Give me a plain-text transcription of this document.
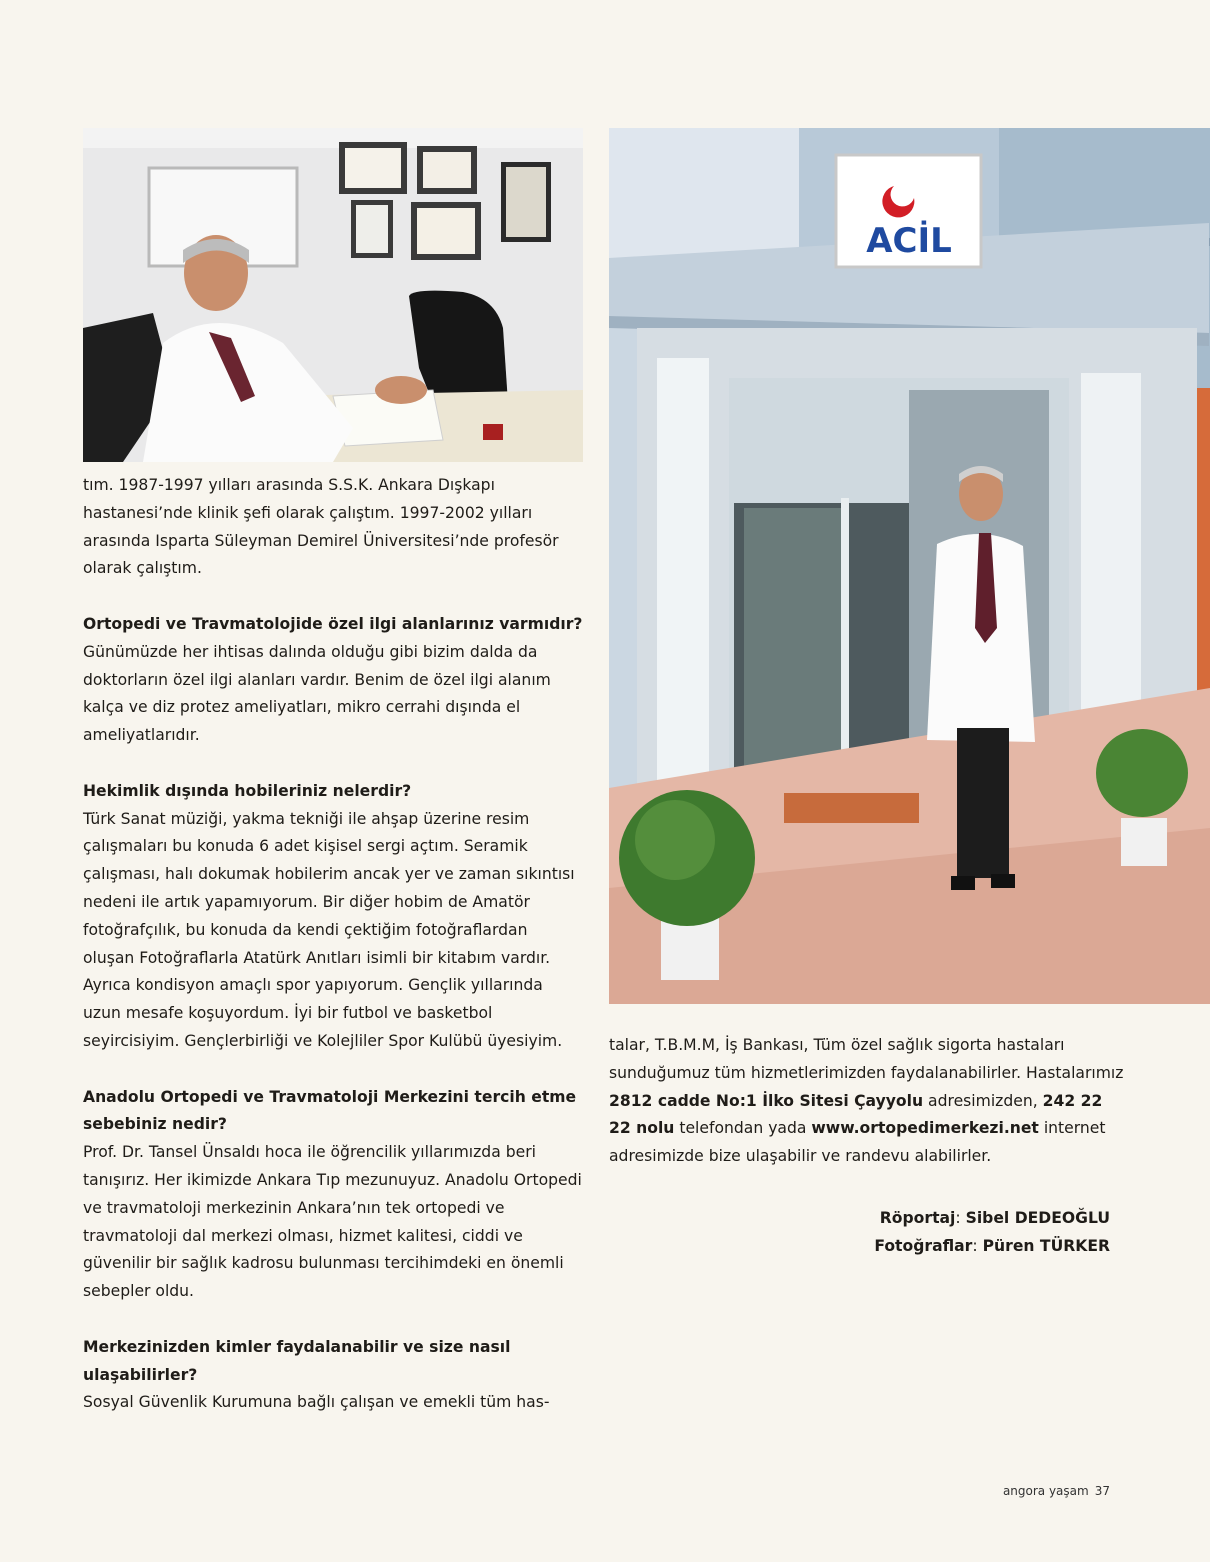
ACİL

tım. 1987-1997 yılları arasında S.S.K. Ankara Dışkapı hastanesi’nde klinik şefi olarak çalıştım. 1997-2002 yılları arasında Isparta Süleyman Demirel Üniversitesi’nde profesör olarak çalıştım.

Ortopedi ve Travmatolojide özel ilgi alanlarınız varmıdır?

Günümüzde her ihtisas dalında olduğu gibi bizim dalda da doktorların özel ilgi alanları vardır. Benim de özel ilgi alanım kalça ve diz protez ameliyatları, mikro cerrahi dışında el ameliyatlarıdır.

Hekimlik dışında hobileriniz nelerdir?

Türk Sanat müziği, yakma tekniği ile ahşap üzerine resim çalışmaları bu konuda 6 adet kişisel sergi açtım. Seramik çalışması, halı dokumak hobilerim ancak yer ve zaman sıkıntısı nedeni ile artık yapamıyorum. Bir diğer hobim de Amatör fotoğrafçılık, bu konuda da kendi çektiğim fotoğraflardan oluşan Fotoğraflarla Atatürk Anıtları isimli bir kitabım vardır. Ayrıca kondisyon amaçlı spor yapıyorum. Gençlik yıllarında uzun mesafe koşuyordum. İyi bir futbol ve basketbol seyircisiyim. Gençlerbirliği ve Kolejliler Spor Kulübü üyesiyim.

Anadolu Ortopedi ve Travmatoloji Merkezini tercih etme sebebiniz nedir?

Prof. Dr. Tansel Ünsaldı hoca ile öğrencilik yıllarımızda beri tanışırız. Her ikimizde Ankara Tıp mezunuyuz. Anadolu Ortopedi ve travmatoloji merkezinin Ankara’nın tek ortopedi ve travmatoloji dal merkezi olması, hizmet kalitesi, ciddi ve güvenilir bir sağlık kadrosu bulunması tercihimdeki en önemli sebepler oldu.

Merkezinizden kimler faydalanabilir ve size nasıl ulaşabilirler?

Sosyal Güvenlik Kurumuna bağlı çalışan ve emekli tüm has-

talar, T.B.M.M, İş Bankası, Tüm özel sağlık sigorta hastaları sunduğumuz tüm hizmetlerimizden faydalanabilirler. Hastalarımız 2812 cadde No:1 İlko Sitesi Çayyolu adresimizden, 242 22 22 nolu telefondan yada www.ortopedimerkezi.net internet adresimizde bize ulaşabilir ve randevu alabilirler.

Röportaj: Sibel DEDEOĞLU
Fotoğraflar: Püren TÜRKER
angora yaşam 37
